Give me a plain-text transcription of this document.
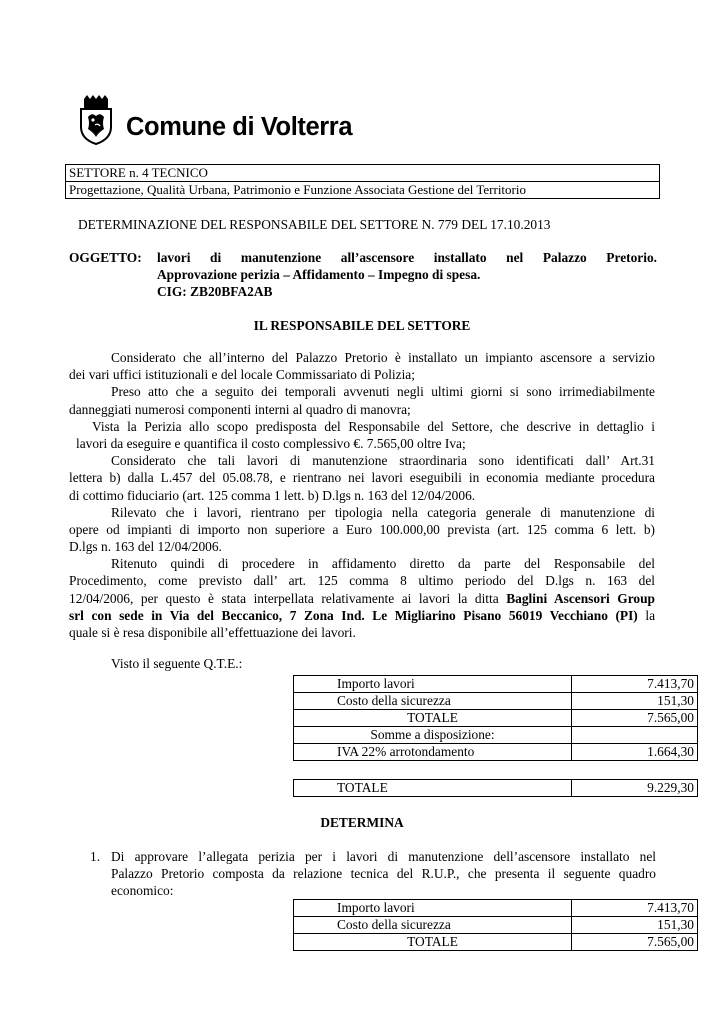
Comune di Volterra
SETTORE n. 4 TECNICO
Progettazione, Qualità Urbana, Patrimonio e Funzione Associata Gestione del Territorio
DETERMINAZIONE DEL RESPONSABILE DEL SETTORE N. 779 DEL 17.10.2013
OGGETTO: lavori di manutenzione all’ascensore installato nel Palazzo Pretorio.
Approvazione perizia – Affidamento – Impegno di spesa.
CIG: ZB20BFA2AB
IL RESPONSABILE DEL SETTORE
Considerato che all’interno del Palazzo Pretorio è installato un impianto ascensore a servizio
dei vari uffici istituzionali e del locale Commissariato di Polizia;
Preso atto che a seguito dei temporali avvenuti negli ultimi giorni si sono irrimediabilmente
danneggiati numerosi componenti interni al quadro di manovra;
Vista la Perizia allo scopo predisposta del Responsabile del Settore, che descrive in dettaglio i
lavori da eseguire e quantifica il costo complessivo €. 7.565,00 oltre Iva;
Considerato che tali lavori di manutenzione straordinaria sono identificati dall’ Art.31
lettera b) dalla L.457 del 05.08.78, e rientrano nei lavori eseguibili in economia mediante procedura
di cottimo fiduciario (art. 125 comma 1 lett. b) D.lgs n. 163 del 12/04/2006.
Rilevato che i lavori, rientrano per tipologia nella categoria generale di manutenzione di
opere od impianti di importo non superiore a Euro 100.000,00 prevista (art. 125 comma 6 lett. b)
D.lgs n. 163 del 12/04/2006.
Ritenuto quindi di procedere in affidamento diretto da parte del Responsabile del
Procedimento, come previsto dall’ art. 125 comma 8 ultimo periodo del D.lgs n. 163 del
12/04/2006, per questo è stata interpellata relativamente ai lavori la ditta Baglini Ascensori Group
srl con sede in Via del Beccanico, 7 Zona Ind. Le Migliarino Pisano 56019 Vecchiano (PI) la
quale si è resa disponibile all’effettuazione dei lavori.
Visto il seguente Q.T.E.:
Importo lavori	7.413,70
Costo della sicurezza	151,30
TOTALE	7.565,00
Somme a disposizione:	
IVA 22% arrotondamento	1.664,30
TOTALE	9.229,30
DETERMINA
1. Di approvare l’allegata perizia per i lavori di manutenzione dell’ascensore installato nel
Palazzo Pretorio composta da relazione tecnica del R.U.P., che presenta il seguente quadro
economico:
Importo lavori	7.413,70
Costo della sicurezza	151,30
TOTALE	7.565,00
